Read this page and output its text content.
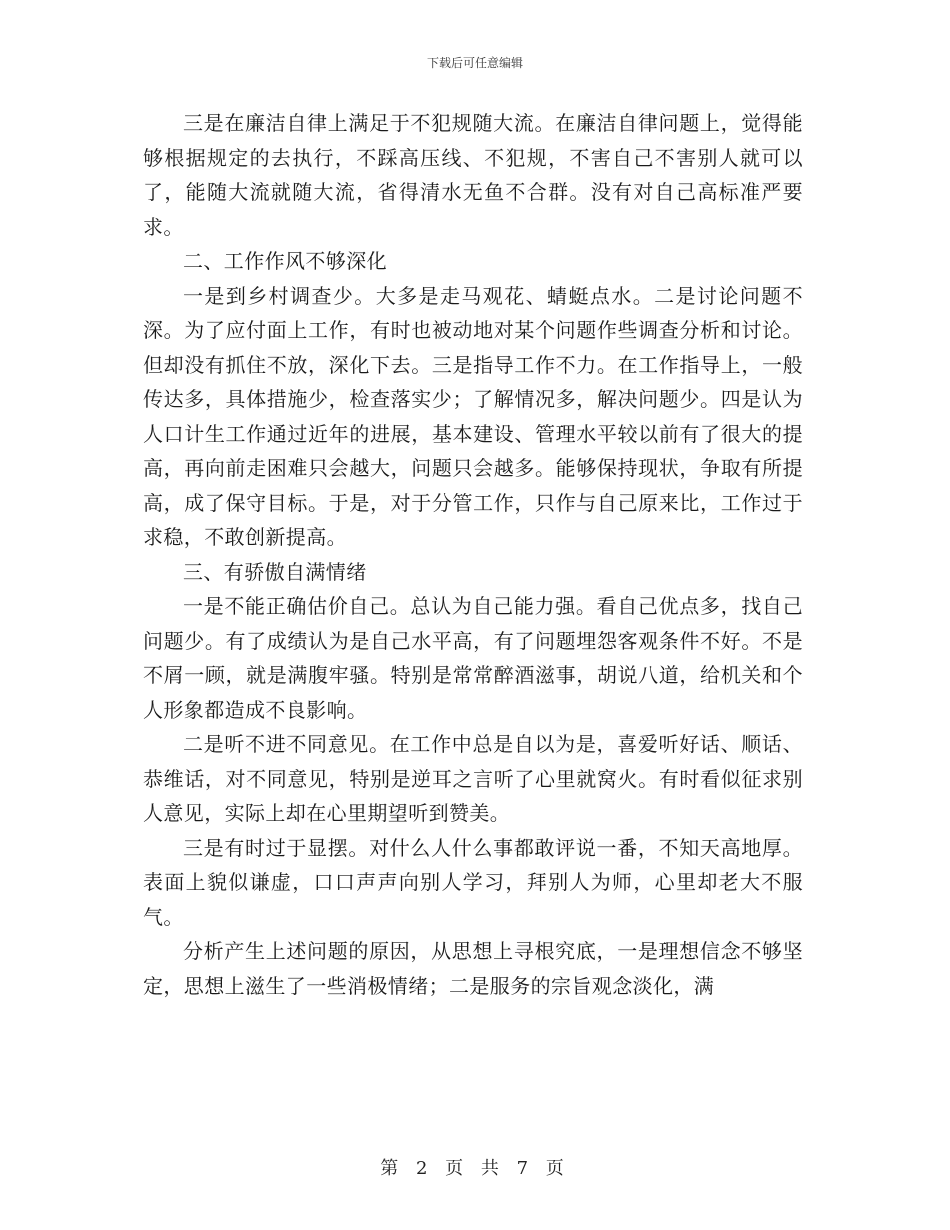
下载后可任意编辑

三是在廉洁自律上满足于不犯规随大流。在廉洁自律问题上，觉得能够根据规定的去执行，不踩高压线、不犯规，不害自己不害别人就可以了，能随大流就随大流，省得清水无鱼不合群。没有对自己高标准严要求。

二、工作作风不够深化

一是到乡村调查少。大多是走马观花、蜻蜓点水。二是讨论问题不深。为了应付面上工作，有时也被动地对某个问题作些调查分析和讨论。但却没有抓住不放，深化下去。三是指导工作不力。在工作指导上，一般传达多，具体措施少，检查落实少；了解情况多，解决问题少。四是认为人口计生工作通过近年的进展，基本建设、管理水平较以前有了很大的提高，再向前走困难只会越大，问题只会越多。能够保持现状，争取有所提高，成了保守目标。于是，对于分管工作，只作与自己原来比，工作过于求稳，不敢创新提高。

三、有骄傲自满情绪

一是不能正确估价自己。总认为自己能力强。看自己优点多，找自己问题少。有了成绩认为是自己水平高，有了问题埋怨客观条件不好。不是不屑一顾，就是满腹牢骚。特别是常常醉酒滋事，胡说八道，给机关和个人形象都造成不良影响。

二是听不进不同意见。在工作中总是自以为是，喜爱听好话、顺话、恭维话，对不同意见，特别是逆耳之言听了心里就窝火。有时看似征求别人意见，实际上却在心里期望听到赞美。

三是有时过于显摆。对什么人什么事都敢评说一番，不知天高地厚。表面上貌似谦虚，口口声声向别人学习，拜别人为师，心里却老大不服气。

分析产生上述问题的原因，从思想上寻根究底，一是理想信念不够坚定，思想上滋生了一些消极情绪；二是服务的宗旨观念淡化，满

第 2 页 共 7 页
